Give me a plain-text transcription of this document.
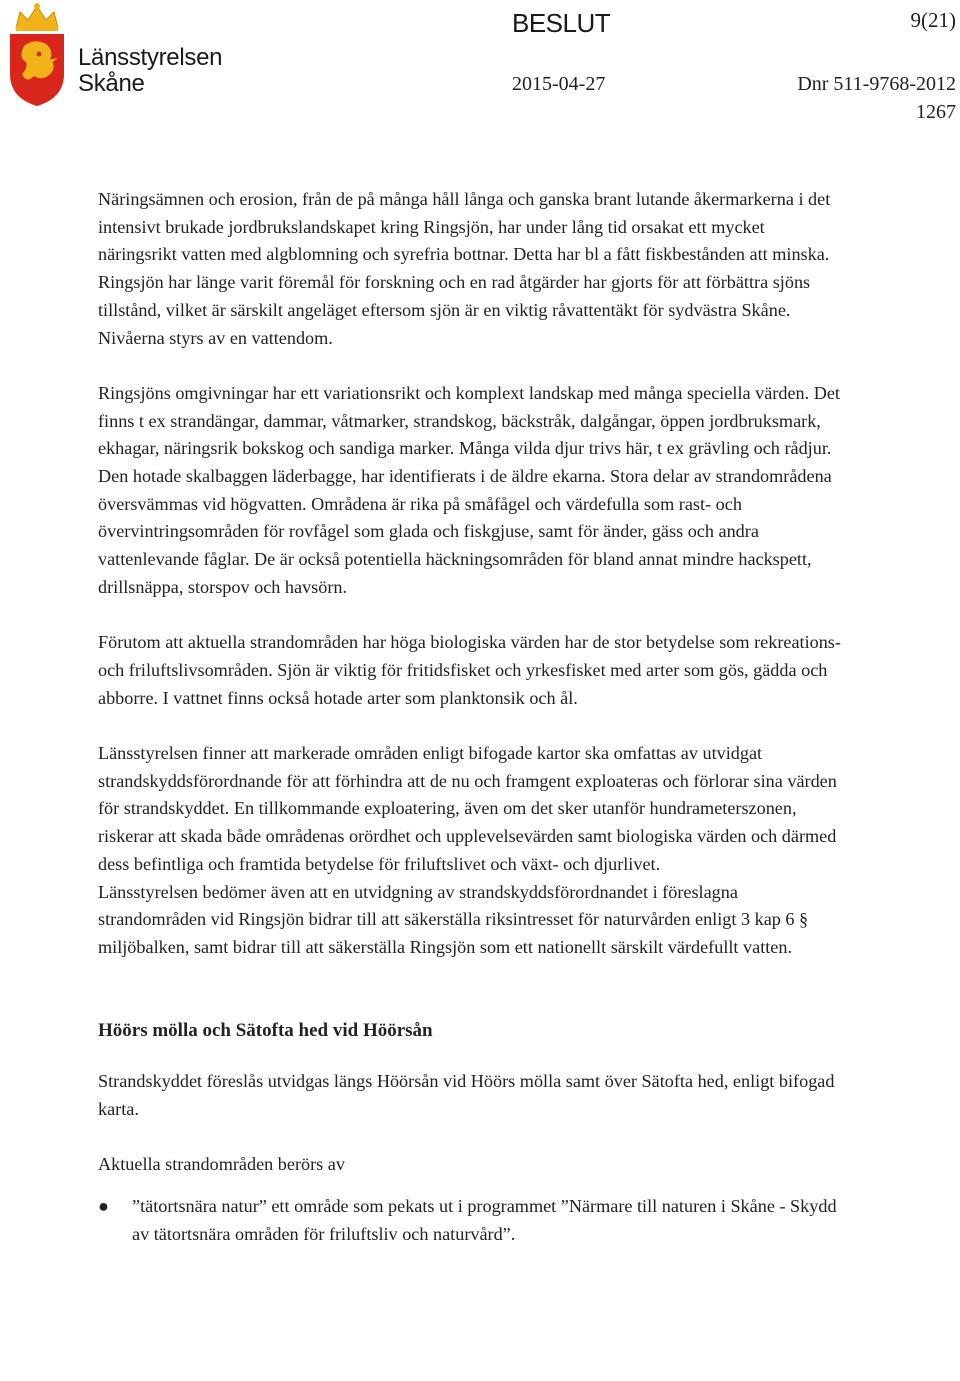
Länsstyrelsen
Skåne
BESLUT	9(21)
2015-04-27	Dnr 511-9768-2012
1267

Näringsämnen och erosion, från de på många håll långa och ganska brant lutande åkermarkerna i det intensivt brukade jordbrukslandskapet kring Ringsjön, har under lång tid orsakat ett mycket näringsrikt vatten med algblomning och syrefria bottnar. Detta har bl a fått fiskbestånden att minska. Ringsjön har länge varit föremål för forskning och en rad åtgärder har gjorts för att förbättra sjöns tillstånd, vilket är särskilt angeläget eftersom sjön är en viktig råvattentäkt för sydvästra Skåne. Nivåerna styrs av en vattendom.

Ringsjöns omgivningar har ett variationsrikt och komplext landskap med många speciella värden. Det finns t ex strandängar, dammar, våtmarker, strandskog, bäckstråk, dalgångar, öppen jordbruksmark, ekhagar, näringsrik bokskog och sandiga marker. Många vilda djur trivs här, t ex grävling och rådjur. Den hotade skalbaggen läderbagge, har identifierats i de äldre ekarna. Stora delar av strandområdena översvämmas vid högvatten. Områdena är rika på småfågel och värdefulla som rast- och övervintringsområden för rovfågel som glada och fiskgjuse, samt för änder, gäss och andra vattenlevande fåglar. De är också potentiella häckningsområden för bland annat mindre hackspett, drillsnäppa, storspov och havsörn.

Förutom att aktuella strandområden har höga biologiska värden har de stor betydelse som rekreations- och friluftslivsområden. Sjön är viktig för fritidsfisket och yrkesfisket med arter som gös, gädda och abborre. I vattnet finns också hotade arter som planktonsik och ål.

Länsstyrelsen finner att markerade områden enligt bifogade kartor ska omfattas av utvidgat strandskyddsförordnande för att förhindra att de nu och framgent exploateras och förlorar sina värden för strandskyddet. En tillkommande exploatering, även om det sker utanför hundrameterszonen, riskerar att skada både områdenas orördhet och upplevelsevärden samt biologiska värden och därmed dess befintliga och framtida betydelse för friluftslivet och växt- och djurlivet.

Länsstyrelsen bedömer även att en utvidgning av strandskyddsförordnandet i föreslagna strandområden vid Ringsjön bidrar till att säkerställa riksintresset för naturvården enligt 3 kap 6 § miljöbalken, samt bidrar till att säkerställa Ringsjön som ett nationellt särskilt värdefullt vatten.

Höörs mölla och Sätofta hed vid Höörsån

Strandskyddet föreslås utvidgas längs Höörsån vid Höörs mölla samt över Sätofta hed, enligt bifogad karta.

Aktuella strandområden berörs av

● ”tätortsnära natur” ett område som pekats ut i programmet ”Närmare till naturen i Skåne - Skydd av tätortsnära områden för friluftsliv och naturvård”.
